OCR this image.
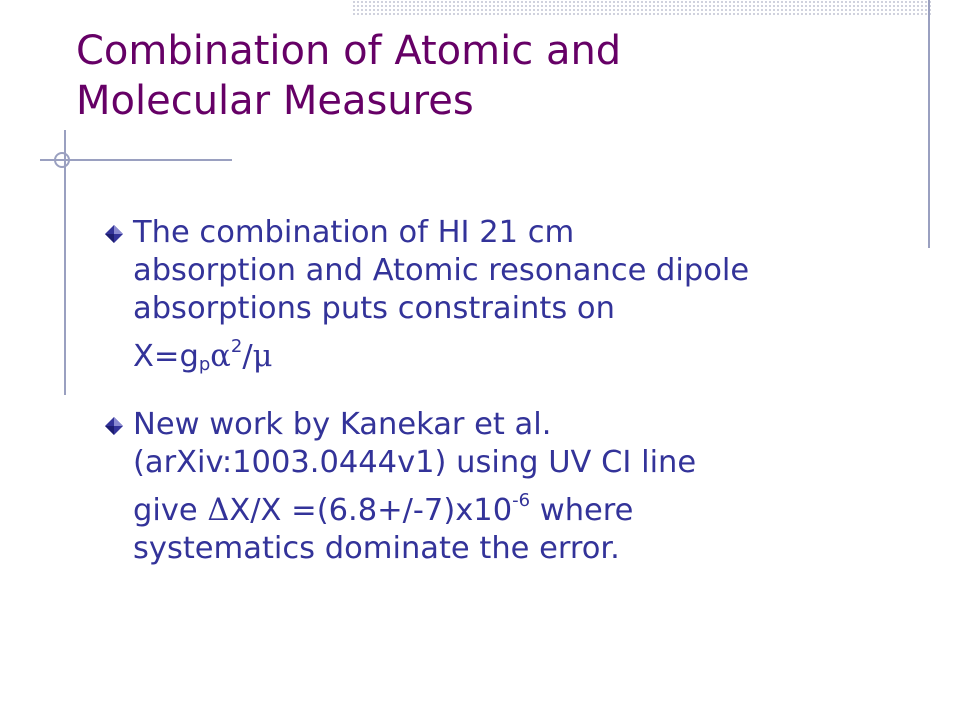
Combination of Atomic and
Molecular Measures
The combination of HI 21 cm
absorption and Atomic resonance dipole
absorptions puts constraints on
$X=g_p\alpha^2/\mu$
New work by Kanekar et al.
(arXiv:1003.0444v1) using UV CI line
give $\Delta X/X =(6.8+/-7)x10^{-6}$ where
systematics dominate the error.
